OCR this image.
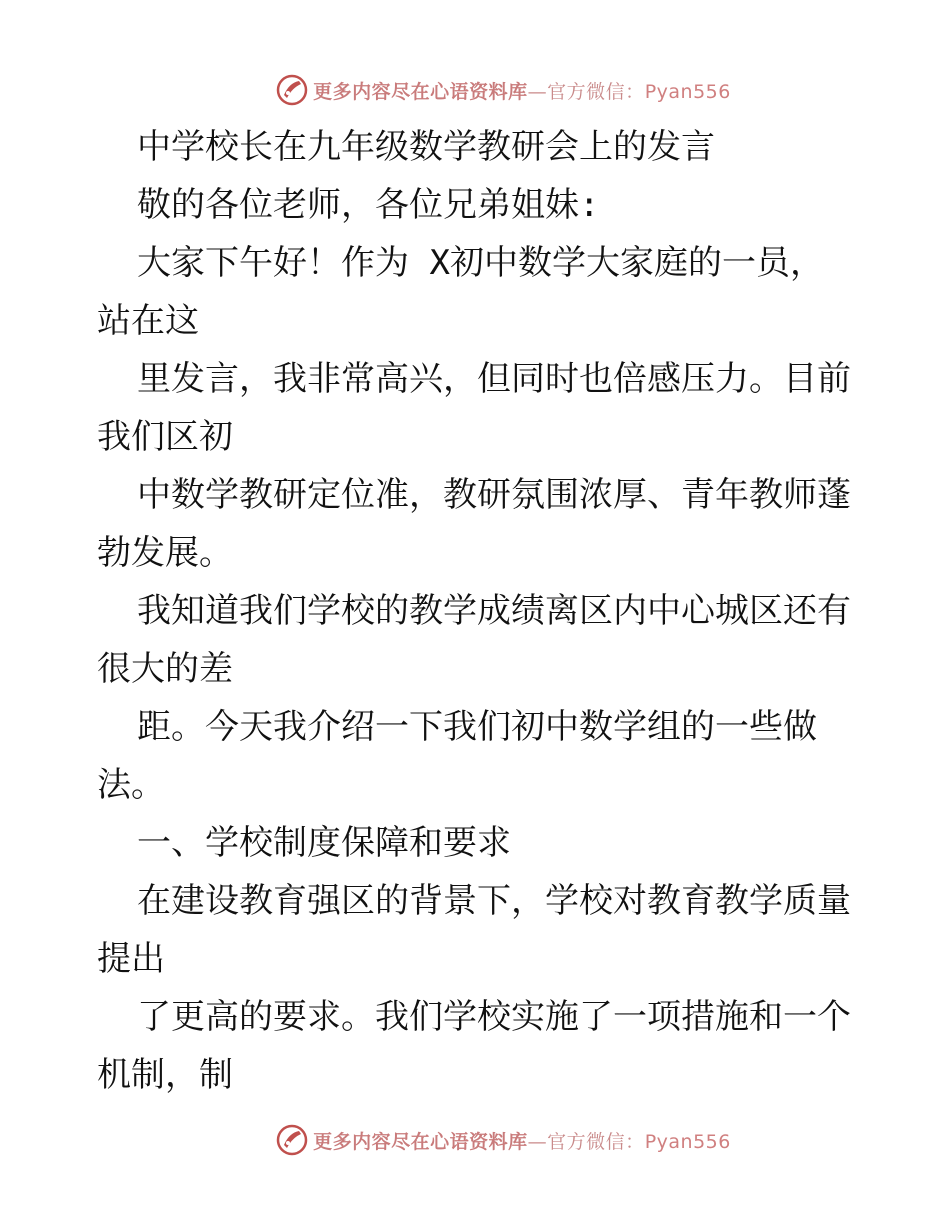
更多内容尽在心语资料库—官方微信：Pyan556
中学校长在九年级数学教研会上的发言
敬的各位老师，各位兄弟姐妹:
大家下午好！作为 X初中数学大家庭的一员，
站在这
里发言，我非常高兴，但同时也倍感压力。目前
我们区初
中数学教研定位准，教研氛围浓厚、青年教师蓬
勃发展。
我知道我们学校的教学成绩离区内中心城区还有
很大的差
距。今天我介绍一下我们初中数学组的一些做
法。
一、学校制度保障和要求
在建设教育强区的背景下，学校对教育教学质量
提出
了更高的要求。我们学校实施了一项措施和一个
机制，制
更多内容尽在心语资料库—官方微信：Pyan556
